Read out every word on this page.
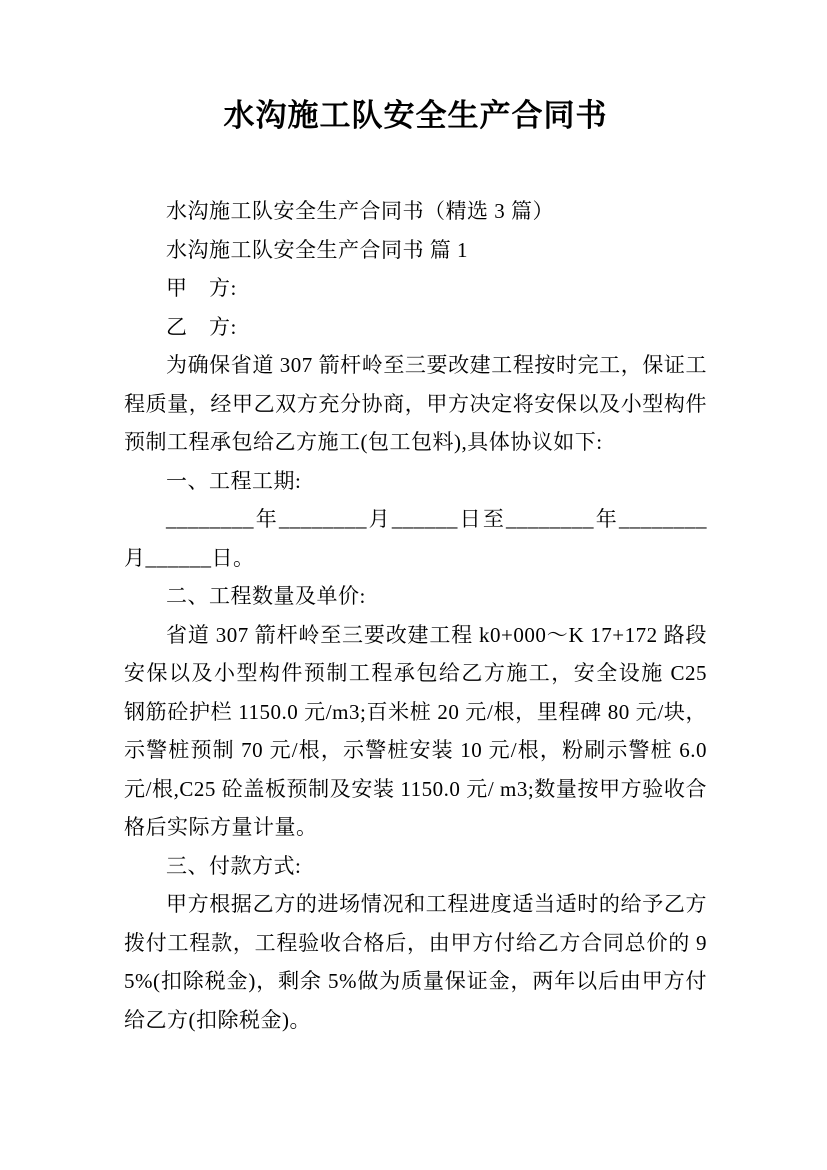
水沟施工队安全生产合同书

水沟施工队安全生产合同书（精选 3 篇）

水沟施工队安全生产合同书 篇 1

甲　方:

乙　方:

为确保省道 307 箭杆岭至三要改建工程按时完工，保证工程质量，经甲乙双方充分协商，甲方决定将安保以及小型构件预制工程承包给乙方施工(包工包料),具体协议如下:

一、工程工期:

________年________月______日至________年________月______日。

二、工程数量及单价:

省道 307 箭杆岭至三要改建工程 k0+000～K 17+172 路段安保以及小型构件预制工程承包给乙方施工，安全设施 C25 钢筋砼护栏 1150.0 元/m3;百米桩 20 元/根，里程碑 80 元/块，示警桩预制 70 元/根，示警桩安装 10 元/根，粉刷示警桩 6.0 元/根,C25 砼盖板预制及安装 1150.0 元/ m3;数量按甲方验收合格后实际方量计量。

三、付款方式:

甲方根据乙方的进场情况和工程进度适当适时的给予乙方拨付工程款，工程验收合格后，由甲方付给乙方合同总价的 95%(扣除税金)，剩余 5%做为质量保证金，两年以后由甲方付给乙方(扣除税金)。
